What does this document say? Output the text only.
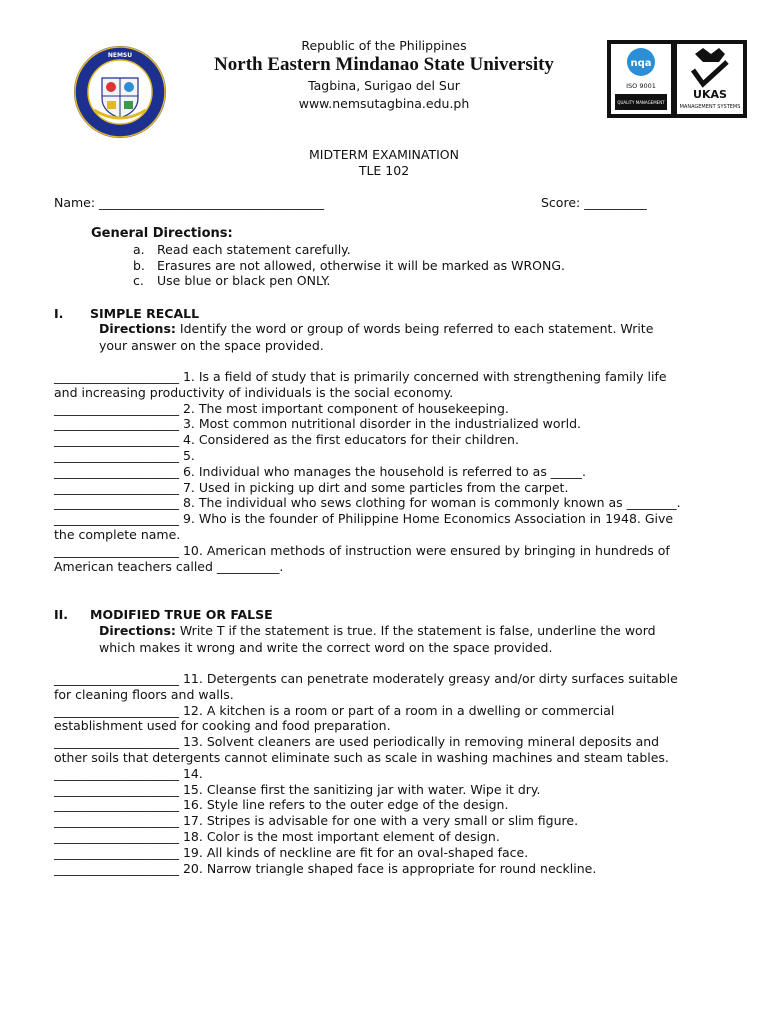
NEMSU
Republic of the Philippines
North Eastern Mindanao State University
Tagbina, Surigao del Sur
www.nemsutagbina.edu.ph
nqa
ISO 9001
QUALITY MANAGEMENT
UKAS
MANAGEMENT SYSTEMS
MIDTERM EXAMINATION
TLE 102
Name: ____________________________________	Score: __________
General Directions:
a. Read each statement carefully.
b. Erasures are not allowed, otherwise it will be marked as WRONG.
c. Use blue or black pen ONLY.
I. SIMPLE RECALL
Directions: Identify the word or group of words being referred to each statement. Write your answer on the space provided.

____________________ 1. Is a field of study that is primarily concerned with strengthening family life and increasing productivity of individuals is the social economy.

____________________ 2. The most important component of housekeeping.

____________________ 3. Most common nutritional disorder in the industrialized world.

____________________ 4. Considered as the first educators for their children.

____________________ 5.

____________________ 6. Individual who manages the household is referred to as _____.

____________________ 7. Used in picking up dirt and some particles from the carpet.

____________________ 8. The individual who sews clothing for woman is commonly known as ________.

____________________ 9. Who is the founder of Philippine Home Economics Association in 1948. Give the complete name.

____________________ 10. American methods of instruction were ensured by bringing in hundreds of American teachers called __________.

II. MODIFIED TRUE OR FALSE
Directions: Write T if the statement is true. If the statement is false, underline the word which makes it wrong and write the correct word on the space provided.

____________________ 11. Detergents can penetrate moderately greasy and/or dirty surfaces suitable for cleaning floors and walls.

____________________ 12. A kitchen is a room or part of a room in a dwelling or commercial establishment used for cooking and food preparation.

____________________ 13. Solvent cleaners are used periodically in removing mineral deposits and other soils that detergents cannot eliminate such as scale in washing machines and steam tables.

____________________ 14.

____________________ 15. Cleanse first the sanitizing jar with water. Wipe it dry.

____________________ 16. Style line refers to the outer edge of the design.

____________________ 17. Stripes is advisable for one with a very small or slim figure.

____________________ 18. Color is the most important element of design.

____________________ 19. All kinds of neckline are fit for an oval-shaped face.

____________________ 20. Narrow triangle shaped face is appropriate for round neckline.
